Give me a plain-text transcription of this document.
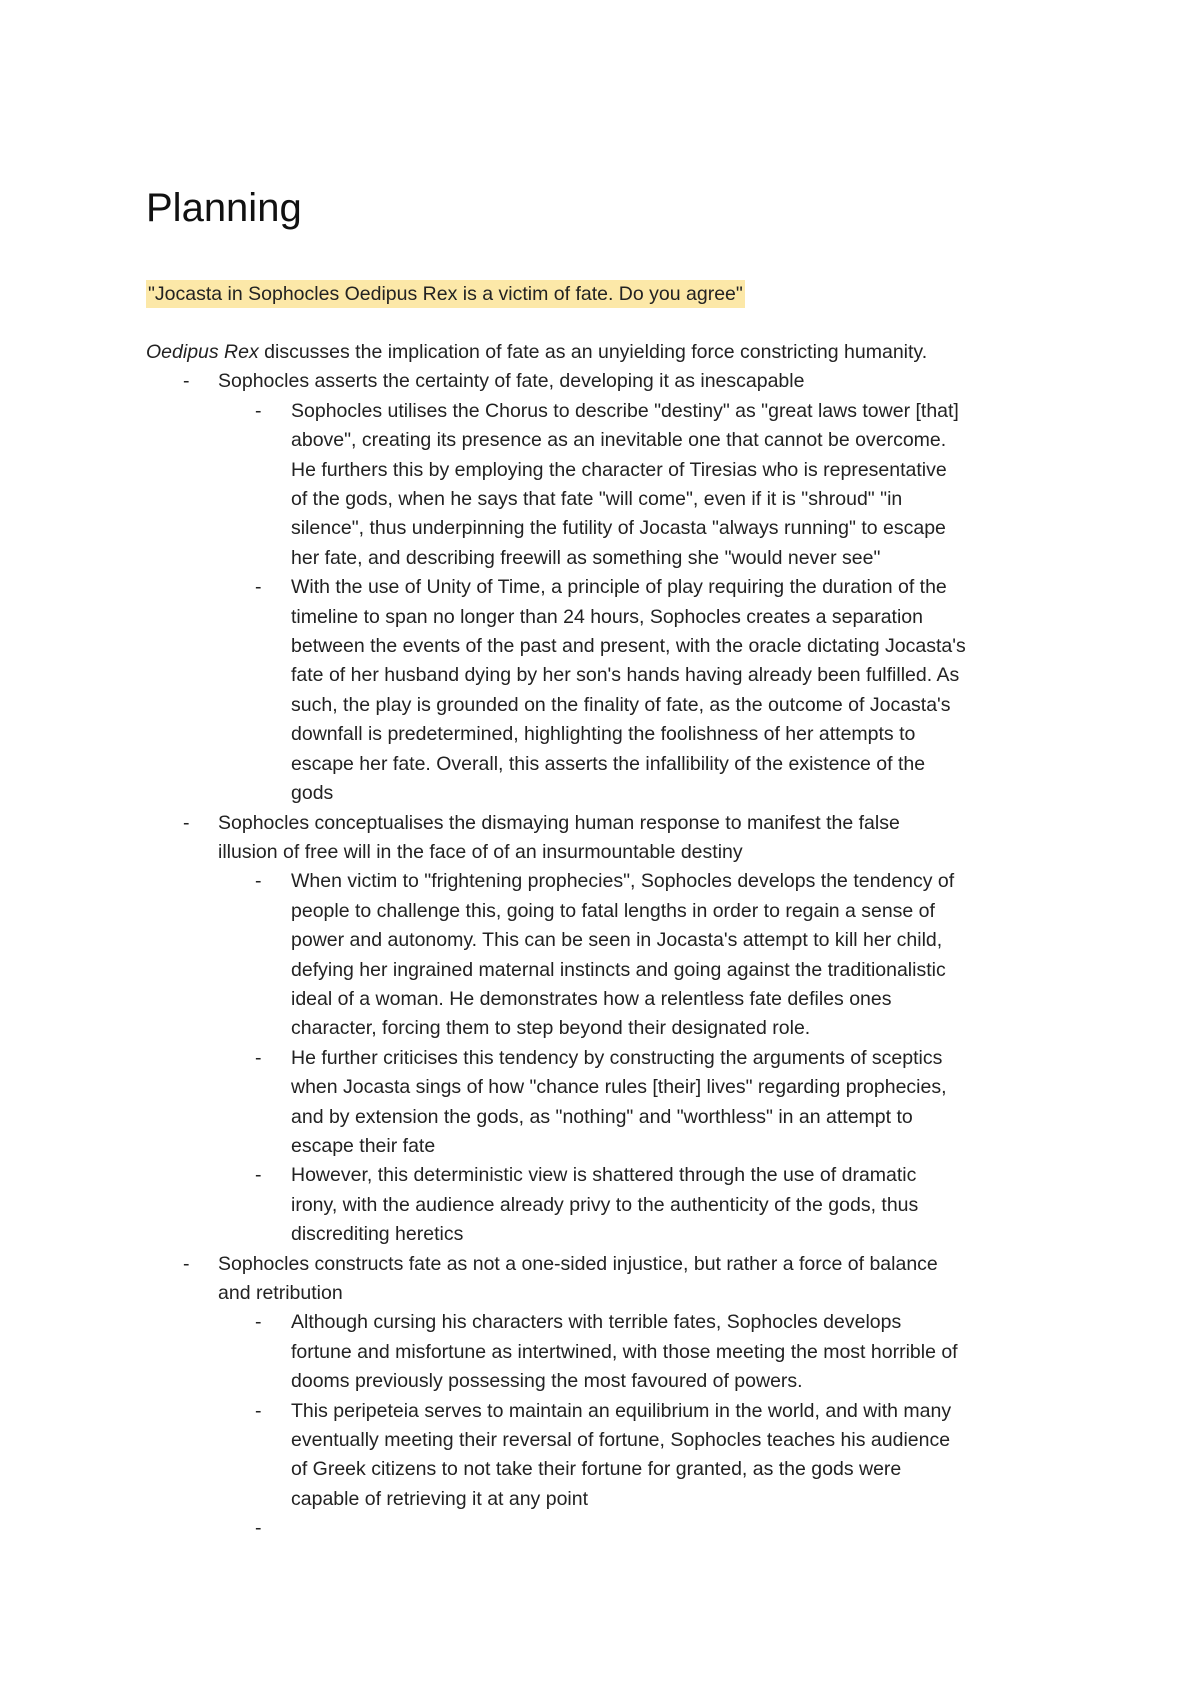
Planning

"Jocasta in Sophocles Oedipus Rex is a victim of fate. Do you agree"

Oedipus Rex discusses the implication of fate as an unyielding force constricting humanity.

- Sophocles asserts the certainty of fate, developing it as inescapable
- Sophocles utilises the Chorus to describe "destiny" as "great laws tower [that] above", creating its presence as an inevitable one that cannot be overcome. He furthers this by employing the character of Tiresias who is representative of the gods, when he says that fate "will come", even if it is "shroud" "in silence", thus underpinning the futility of Jocasta "always running" to escape her fate, and describing freewill as something she "would never see"
- With the use of Unity of Time, a principle of play requiring the duration of the timeline to span no longer than 24 hours, Sophocles creates a separation between the events of the past and present, with the oracle dictating Jocasta's fate of her husband dying by her son's hands having already been fulfilled. As such, the play is grounded on the finality of fate, as the outcome of Jocasta's downfall is predetermined, highlighting the foolishness of her attempts to escape her fate. Overall, this asserts the infallibility of the existence of the gods
- Sophocles conceptualises the dismaying human response to manifest the false illusion of free will in the face of of an insurmountable destiny
- When victim to "frightening prophecies", Sophocles develops the tendency of people to challenge this, going to fatal lengths in order to regain a sense of power and autonomy. This can be seen in Jocasta's attempt to kill her child, defying her ingrained maternal instincts and going against the traditionalistic ideal of a woman. He demonstrates how a relentless fate defiles ones character, forcing them to step beyond their designated role.
- He further criticises this tendency by constructing the arguments of sceptics when Jocasta sings of how "chance rules [their] lives" regarding prophecies, and by extension the gods, as "nothing" and "worthless" in an attempt to escape their fate
- However, this deterministic view is shattered through the use of dramatic irony, with the audience already privy to the authenticity of the gods, thus discrediting heretics
- Sophocles constructs fate as not a one-sided injustice, but rather a force of balance and retribution
- Although cursing his characters with terrible fates, Sophocles develops fortune and misfortune as intertwined, with those meeting the most horrible of dooms previously possessing the most favoured of powers.
- This peripeteia serves to maintain an equilibrium in the world, and with many eventually meeting their reversal of fortune, Sophocles teaches his audience of Greek citizens to not take their fortune for granted, as the gods were capable of retrieving it at any point
-
